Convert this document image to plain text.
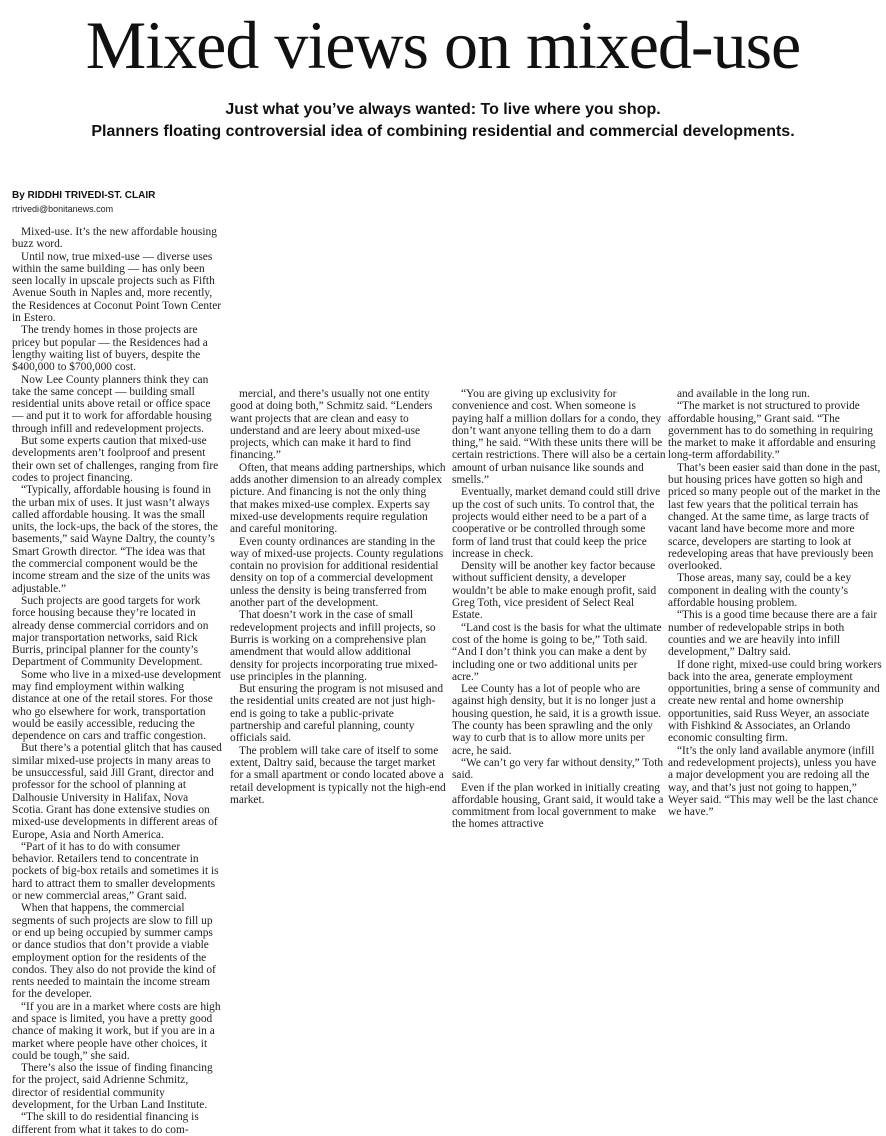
Mixed views on mixed-use
Just what you’ve always wanted: To live where you shop.
Planners floating controversial idea of combining residential and commercial developments.
By RIDDHI TRIVEDI-ST. CLAIR
rtrivedi@bonitanews.com

Mixed-use. It’s the new affordable housing buzz word.

Until now, true mixed-use — diverse uses within the same building — has only been seen locally in upscale projects such as Fifth Avenue South in Naples and, more recently, the Residences at Coconut Point Town Center in Estero.

The trendy homes in those projects are pricey but popular — the Residences had a lengthy waiting list of buyers, despite the $400,000 to $700,000 cost.

Now Lee County planners think they can take the same concept — building small residential units above retail or office space — and put it to work for affordable housing through infill and redevelopment projects.

But some experts caution that mixed-use developments aren’t foolproof and present their own set of challenges, ranging from fire codes to project financing.

“Typically, affordable housing is found in the urban mix of uses. It just wasn’t always called affordable housing. It was the small units, the lock-ups, the back of the stores, the basements,” said Wayne Daltry, the county’s Smart Growth director. “The idea was that the commercial component would be the income stream and the size of the units was adjustable.”

Such projects are good targets for work force housing because they’re located in already dense commercial corridors and on major transportation networks, said Rick Burris, principal planner for the county’s Department of Community Development.

Some who live in a mixed-use development may find employment within walking distance at one of the retail stores. For those who go elsewhere for work, transportation would be easily accessible, reducing the dependence on cars and traffic congestion.

But there’s a potential glitch that has caused similar mixed-use projects in many areas to be unsuccessful, said Jill Grant, director and professor for the school of planning at Dalhousie University in Halifax, Nova Scotia. Grant has done extensive studies on mixed-use developments in different areas of Europe, Asia and North America.

“Part of it has to do with consumer behavior. Retailers tend to concentrate in pockets of big-box retails and sometimes it is hard to attract them to smaller developments or new commercial areas,” Grant said.

When that happens, the commercial segments of such projects are slow to fill up or end up being occupied by summer camps or dance studios that don’t provide a viable employment option for the residents of the condos. They also do not provide the kind of rents needed to maintain the income stream for the developer.

“If you are in a market where costs are high and space is limited, you have a pretty good chance of making it work, but if you are in a market where people have other choices, it could be tough,” she said.

There’s also the issue of finding financing for the project, said Adrienne Schmitz, director of residential community development, for the Urban Land Institute.

“The skill to do residential financing is different from what it takes to do com-

mercial, and there’s usually not one entity good at doing both,” Schmitz said. “Lenders want projects that are clean and easy to understand and are leery about mixed-use projects, which can make it hard to find financing.”

Often, that means adding partnerships, which adds another dimension to an already complex picture. And financing is not the only thing that makes mixed-use complex. Experts say mixed-use developments require regulation and careful monitoring.

Even county ordinances are standing in the way of mixed-use projects. County regulations contain no provision for additional residential density on top of a commercial development unless the density is being transferred from another part of the development.

That doesn’t work in the case of small redevelopment projects and infill projects, so Burris is working on a comprehensive plan amendment that would allow additional density for projects incorporating true mixed-use principles in the planning.

But ensuring the program is not misused and the residential units created are not just high-end is going to take a public-private partnership and careful planning, county officials said.

The problem will take care of itself to some extent, Daltry said, because the target market for a small apartment or condo located above a retail development is typically not the high-end market.

“You are giving up exclusivity for convenience and cost. When someone is paying half a million dollars for a condo, they don’t want anyone telling them to do a darn thing,” he said. “With these units there will be certain restrictions. There will also be a certain amount of urban nuisance like sounds and smells.”

Eventually, market demand could still drive up the cost of such units. To control that, the projects would either need to be a part of a cooperative or be controlled through some form of land trust that could keep the price increase in check.

Density will be another key factor because without sufficient density, a developer wouldn’t be able to make enough profit, said Greg Toth, vice president of Select Real Estate.

“Land cost is the basis for what the ultimate cost of the home is going to be,” Toth said. “And I don’t think you can make a dent by including one or two additional units per acre.”

Lee County has a lot of people who are against high density, but it is no longer just a housing question, he said, it is a growth issue. The county has been sprawling and the only way to curb that is to allow more units per acre, he said.

“We can’t go very far without density,” Toth said.

Even if the plan worked in initially creating affordable housing, Grant said, it would take a commitment from local government to make the homes attractive

and available in the long run.

“The market is not structured to provide affordable housing,” Grant said. “The government has to do something in requiring the market to make it affordable and ensuring long-term affordability.”

That’s been easier said than done in the past, but housing prices have gotten so high and priced so many people out of the market in the last few years that the political terrain has changed. At the same time, as large tracts of vacant land have become more and more scarce, developers are starting to look at redeveloping areas that have previously been overlooked.

Those areas, many say, could be a key component in dealing with the county’s affordable housing problem.

“This is a good time because there are a fair number of redevelopable strips in both counties and we are heavily into infill development,” Daltry said.

If done right, mixed-use could bring workers back into the area, generate employment opportunities, bring a sense of community and create new rental and home ownership opportunities, said Russ Weyer, an associate with Fishkind & Associates, an Orlando economic consulting firm.

“It’s the only land available anymore (infill and redevelopment projects), unless you have a major development you are redoing all the way, and that’s just not going to happen,” Weyer said. “This may well be the last chance we have.”
